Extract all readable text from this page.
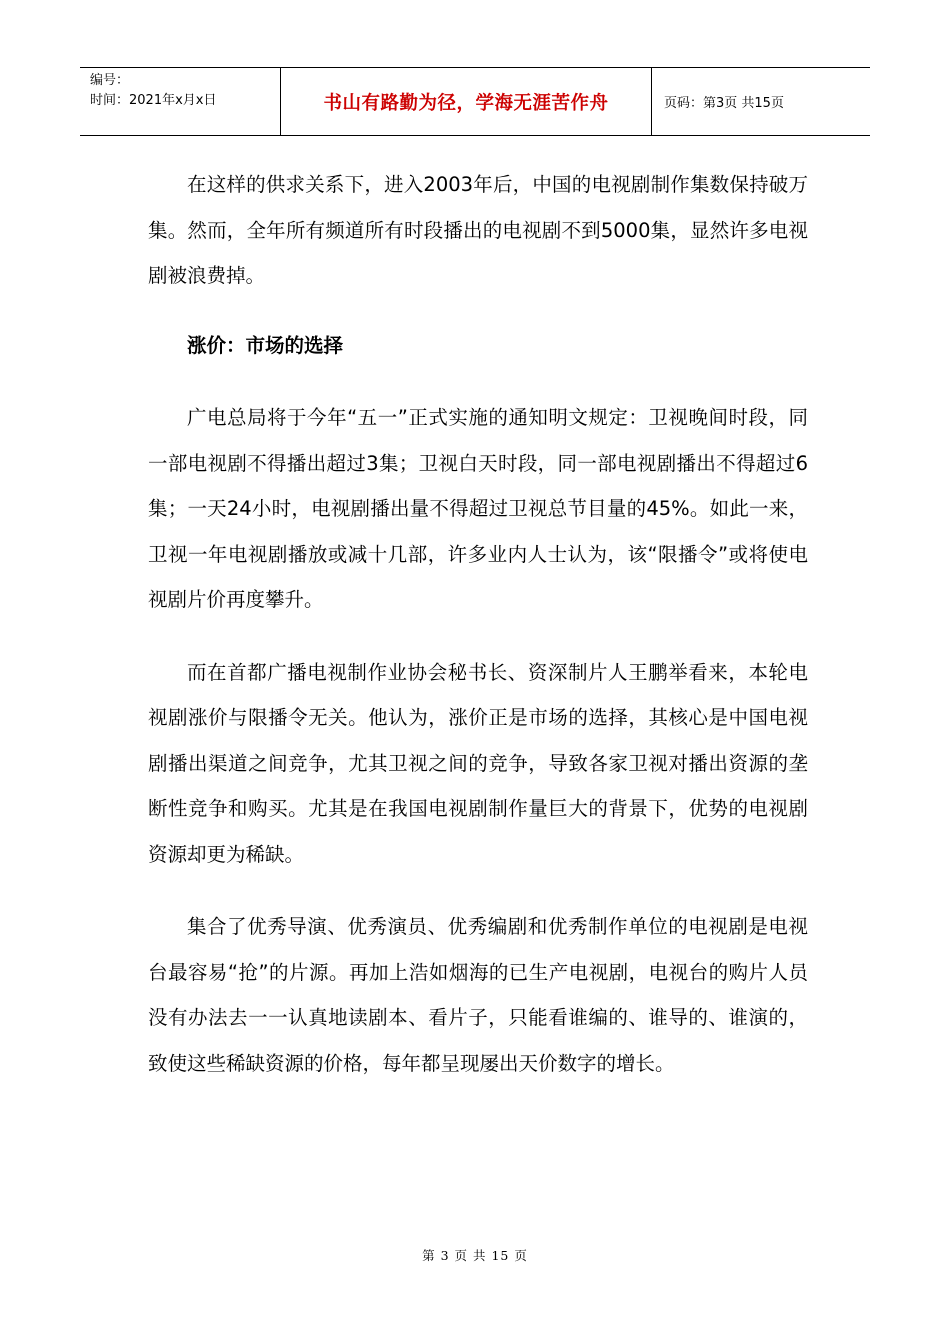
编号：
时间：2021年x月x日	书山有路勤为径，学海无涯苦作舟	页码：第3页 共15页

在这样的供求关系下，进入2003年后，中国的电视剧制作集数保持破万集。然而，全年所有频道所有时段播出的电视剧不到5000集，显然许多电视剧被浪费掉。

涨价：市场的选择

广电总局将于今年“五一”正式实施的通知明文规定：卫视晚间时段，同一部电视剧不得播出超过3集；卫视白天时段，同一部电视剧播出不得超过6集；一天24小时，电视剧播出量不得超过卫视总节目量的45%。如此一来，卫视一年电视剧播放或减十几部，许多业内人士认为，该“限播令”或将使电视剧片价再度攀升。

而在首都广播电视制作业协会秘书长、资深制片人王鹏举看来，本轮电视剧涨价与限播令无关。他认为，涨价正是市场的选择，其核心是中国电视剧播出渠道之间竞争，尤其卫视之间的竞争，导致各家卫视对播出资源的垄断性竞争和购买。尤其是在我国电视剧制作量巨大的背景下，优势的电视剧资源却更为稀缺。

集合了优秀导演、优秀演员、优秀编剧和优秀制作单位的电视剧是电视台最容易“抢”的片源。再加上浩如烟海的已生产电视剧，电视台的购片人员没有办法去一一认真地读剧本、看片子，只能看谁编的、谁导的、谁演的，致使这些稀缺资源的价格，每年都呈现屡出天价数字的增长。

第 3 页 共 15 页
